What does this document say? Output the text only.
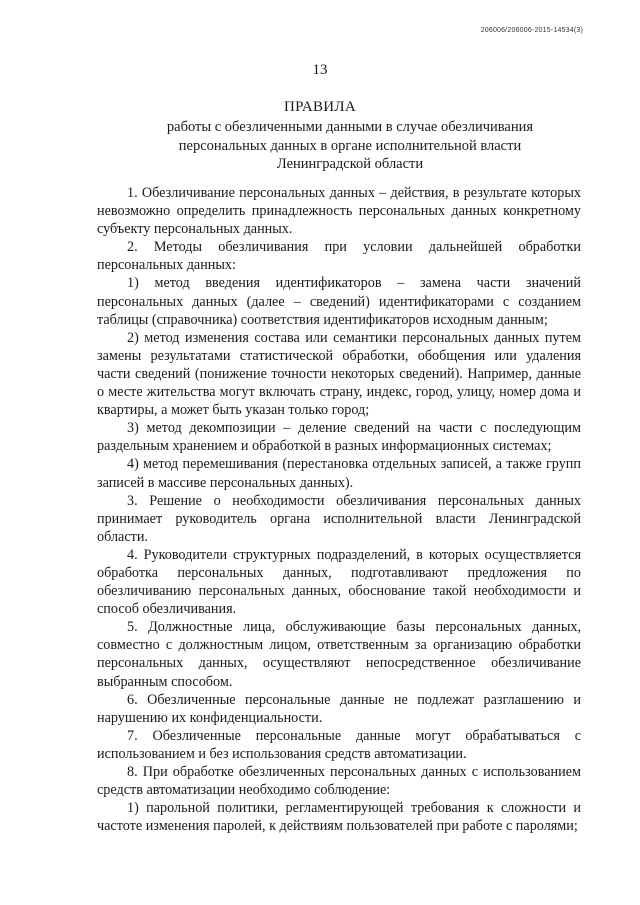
206006/206006-2015-14534(3)
13
ПРАВИЛА
работы с обезличенными данными в случае обезличивания
персональных данных в органе исполнительной власти
Ленинградской области

1. Обезличивание персональных данных – действия, в результате которых невозможно определить принадлежность персональных данных конкретному субъекту персональных данных.

2. Методы обезличивания при условии дальнейшей обработки персональных данных:

1) метод введения идентификаторов – замена части значений персональных данных (далее – сведений) идентификаторами с созданием таблицы (справочника) соответствия идентификаторов исходным данным;

2) метод изменения состава или семантики персональных данных путем замены результатами статистической обработки, обобщения или удаления части сведений (понижение точности некоторых сведений). Например, данные о месте жительства могут включать страну, индекс, город, улицу, номер дома и квартиры, а может быть указан только город;

3) метод декомпозиции – деление сведений на части с последующим раздельным хранением и обработкой в разных информационных системах;

4) метод перемешивания (перестановка отдельных записей, а также групп записей в массиве персональных данных).

3. Решение о необходимости обезличивания персональных данных принимает руководитель органа исполнительной власти Ленинградской области.

4. Руководители структурных подразделений, в которых осуществляется обработка персональных данных, подготавливают предложения по обезличиванию персональных данных, обоснование такой необходимости и способ обезличивания.

5. Должностные лица, обслуживающие базы персональных данных, совместно с должностным лицом, ответственным за организацию обработки персональных данных, осуществляют непосредственное обезличивание выбранным способом.

6. Обезличенные персональные данные не подлежат разглашению и нарушению их конфиденциальности.

7. Обезличенные персональные данные могут обрабатываться с использованием и без использования средств автоматизации.

8. При обработке обезличенных персональных данных с использованием средств автоматизации необходимо соблюдение:

1) парольной политики, регламентирующей требования к сложности и частоте изменения паролей, к действиям пользователей при работе с паролями;
